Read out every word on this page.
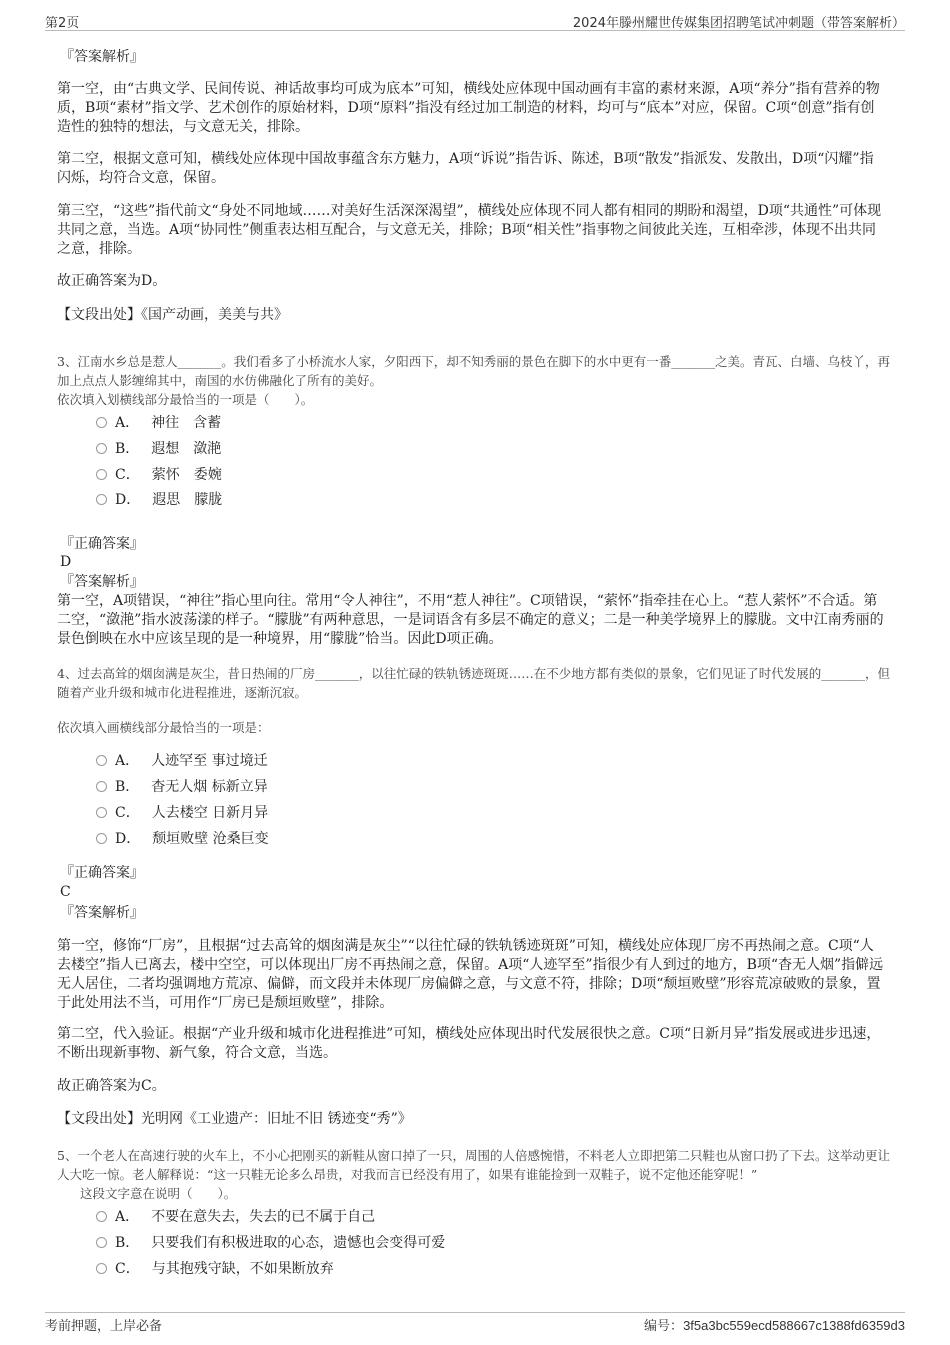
第2页	2024年滕州耀世传媒集团招聘笔试冲刺题（带答案解析）
『答案解析』
第一空，由“古典文学、民间传说、神话故事均可成为底本”可知，横线处应体现中国动画有丰富的素材来源，A项“养分”指有营养的物质，B项“素材”指文学、艺术创作的原始材料，D项“原料”指没有经过加工制造的材料，均可与“底本”对应，保留。C项“创意”指有创造性的独特的想法，与文意无关，排除。
第二空，根据文意可知，横线处应体现中国故事蕴含东方魅力，A项“诉说”指告诉、陈述，B项“散发”指派发、发散出，D项“闪耀”指闪烁，均符合文意，保留。
第三空，“这些”指代前文“身处不同地域……对美好生活深深渴望”，横线处应体现不同人都有相同的期盼和渴望，D项“共通性”可体现共同之意，当选。A项“协同性”侧重表达相互配合，与文意无关，排除；B项“相关性”指事物之间彼此关连，互相牵涉，体现不出共同之意，排除。
故正确答案为D。
【文段出处】《国产动画，美美与共》
3、江南水乡总是惹人_______。我们看多了小桥流水人家，夕阳西下，却不知秀丽的景色在脚下的水中更有一番_______之美。青瓦、白墙、乌枝丫，再加上点点人影缠绵其中，南国的水仿佛融化了所有的美好。
依次填入划横线部分最恰当的一项是（　　）。
A． 神往　含蓄
B． 遐想　潋滟
C． 萦怀　委婉
D． 遐思　朦胧
『正确答案』
D
『答案解析』
第一空，A项错误，“神往”指心里向往。常用“令人神往”，不用“惹人神往”。C项错误，“萦怀”指牵挂在心上。“惹人萦怀”不合适。第二空，“潋滟”指水波荡漾的样子。“朦胧”有两种意思，一是词语含有多层不确定的意义；二是一种美学境界上的朦胧。文中江南秀丽的景色倒映在水中应该呈现的是一种境界，用“朦胧”恰当。因此D项正确。
4、过去高耸的烟囱满是灰尘，昔日热闹的厂房_______，以往忙碌的铁轨锈迹斑斑……在不少地方都有类似的景象，它们见证了时代发展的_______，但随着产业升级和城市化进程推进，逐渐沉寂。
依次填入画横线部分最恰当的一项是：
A． 人迹罕至 事过境迁
B． 杳无人烟 标新立异
C． 人去楼空 日新月异
D． 颓垣败壁 沧桑巨变
『正确答案』
C
『答案解析』
第一空，修饰“厂房”，且根据“过去高耸的烟囱满是灰尘”“以往忙碌的铁轨锈迹斑斑”可知，横线处应体现厂房不再热闹之意。C项“人去楼空”指人已离去，楼中空空，可以体现出厂房不再热闹之意，保留。A项“人迹罕至”指很少有人到过的地方，B项“杳无人烟”指僻远无人居住，二者均强调地方荒凉、偏僻，而文段并未体现厂房偏僻之意，与文意不符，排除；D项“颓垣败壁”形容荒凉破败的景象，置于此处用法不当，可用作“厂房已是颓垣败壁”，排除。
第二空，代入验证。根据“产业升级和城市化进程推进”可知，横线处应体现出时代发展很快之意。C项“日新月异”指发展或进步迅速，不断出现新事物、新气象，符合文意，当选。
故正确答案为C。
【文段出处】光明网《工业遗产：旧址不旧 锈迹变“秀”》
5、一个老人在高速行驶的火车上，不小心把刚买的新鞋从窗口掉了一只，周围的人倍感惋惜，不料老人立即把第二只鞋也从窗口扔了下去。这举动更让人大吃一惊。老人解释说：“这一只鞋无论多么昂贵，对我而言已经没有用了，如果有谁能捡到一双鞋子，说不定他还能穿呢！”
这段文字意在说明（　　）。
A． 不要在意失去，失去的已不属于自己
B． 只要我们有积极进取的心态，遗憾也会变得可爱
C． 与其抱残守缺，不如果断放弃
考前押题，上岸必备	编号：3f5a3bc559ecd588667c1388fd6359d3
